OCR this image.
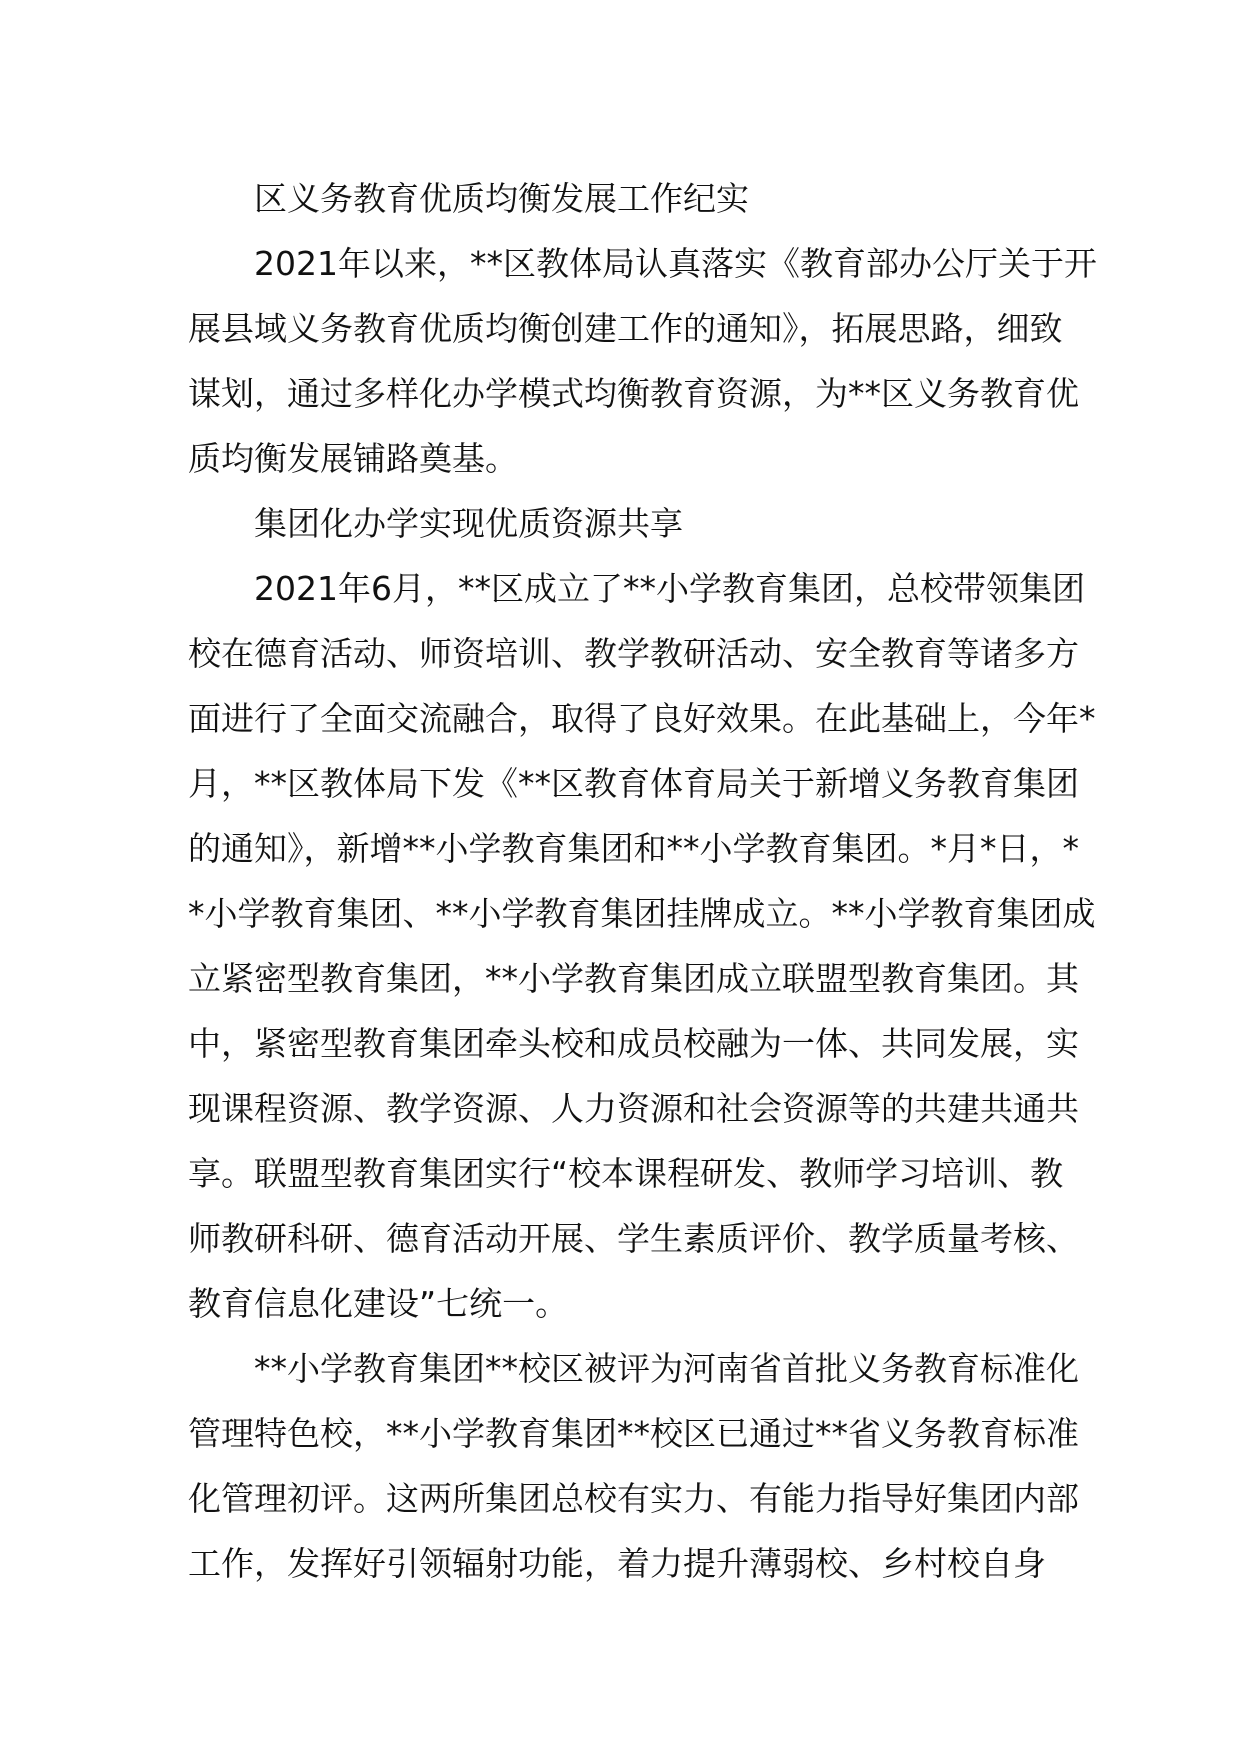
区义务教育优质均衡发展工作纪实
2021年以来，**区教体局认真落实《教育部办公厅关于开
展县域义务教育优质均衡创建工作的通知》，拓展思路，细致
谋划，通过多样化办学模式均衡教育资源，为**区义务教育优
质均衡发展铺路奠基。
集团化办学实现优质资源共享
2021年6月，**区成立了**小学教育集团，总校带领集团
校在德育活动、师资培训、教学教研活动、安全教育等诸多方
面进行了全面交流融合，取得了良好效果。在此基础上，今年*
月，**区教体局下发《**区教育体育局关于新增义务教育集团
的通知》，新增**小学教育集团和**小学教育集团。*月*日，*
*小学教育集团、**小学教育集团挂牌成立。**小学教育集团成
立紧密型教育集团，**小学教育集团成立联盟型教育集团。其
中，紧密型教育集团牵头校和成员校融为一体、共同发展，实
现课程资源、教学资源、人力资源和社会资源等的共建共通共
享。联盟型教育集团实行“校本课程研发、教师学习培训、教
师教研科研、德育活动开展、学生素质评价、教学质量考核、
教育信息化建设”七统一。
**小学教育集团**校区被评为河南省首批义务教育标准化
管理特色校，**小学教育集团**校区已通过**省义务教育标准
化管理初评。这两所集团总校有实力、有能力指导好集团内部
工作，发挥好引领辐射功能，着力提升薄弱校、乡村校自身
